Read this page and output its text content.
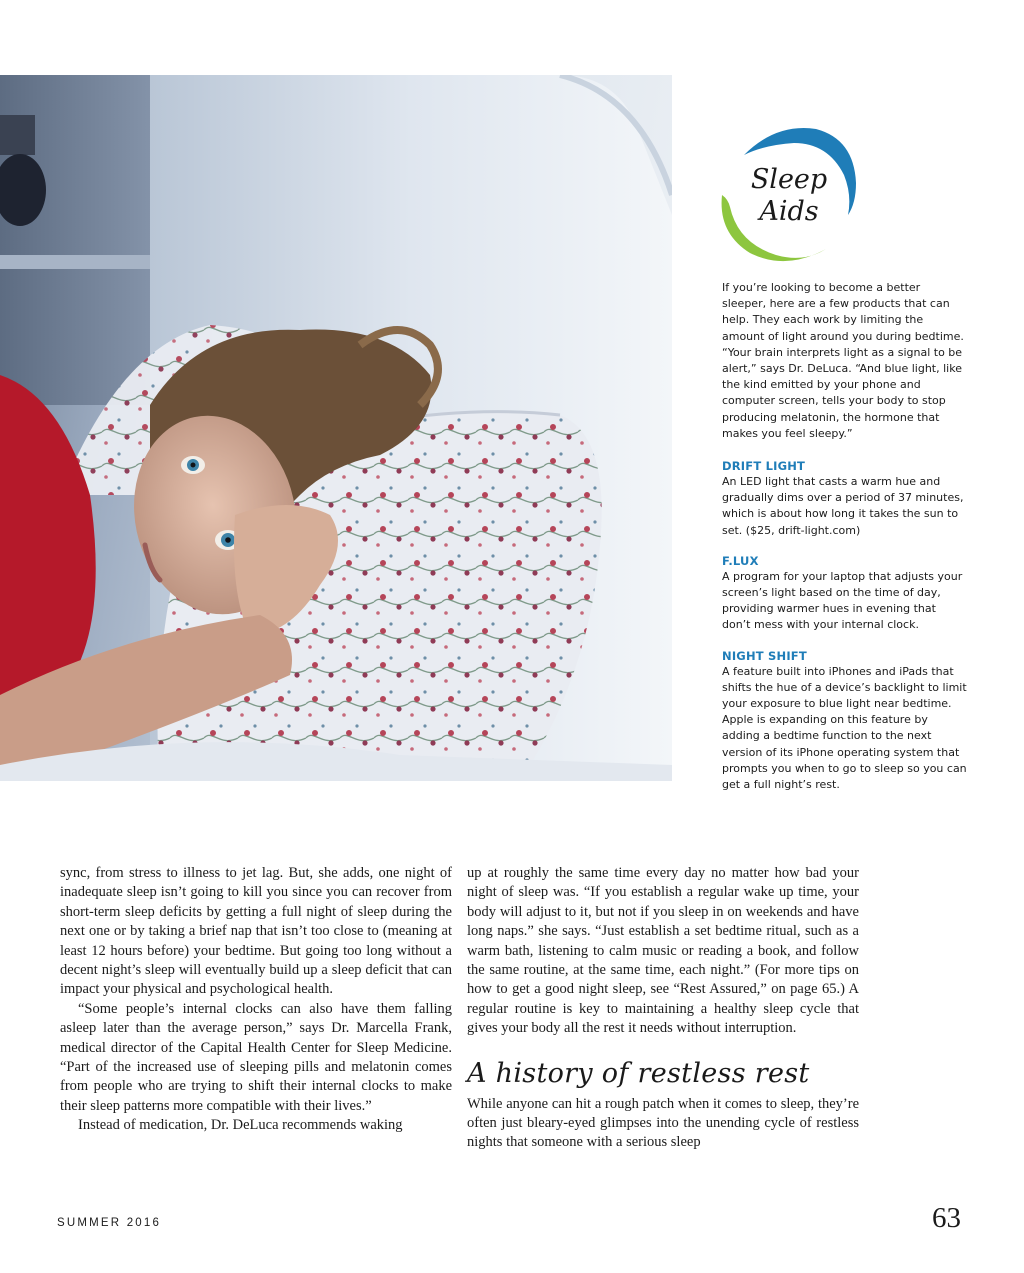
Sleep
Aids

If you’re looking to become a better sleeper, here are a few products that can help. They each work by limiting the amount of light around you during bedtime. “Your brain interprets light as a signal to be alert,” says Dr. DeLuca. “And blue light, like the kind emitted by your phone and computer screen, tells your body to stop producing melatonin, the hormone that makes you feel sleepy.”

DRIFT LIGHT

An LED light that casts a warm hue and gradually dims over a period of 37 minutes, which is about how long it takes the sun to set. ($25, drift-light.com)

F.LUX

A program for your laptop that adjusts your screen’s light based on the time of day, providing warmer hues in evening that don’t mess with your internal clock.

NIGHT SHIFT

A feature built into iPhones and iPads that shifts the hue of a device’s backlight to limit your exposure to blue light near bedtime. Apple is expanding on this feature by adding a bedtime function to the next version of its iPhone operating system that prompts you when to go to sleep so you can get a full night’s rest.

sync, from stress to illness to jet lag. But, she adds, one night of inadequate sleep isn’t going to kill you since you can recover from short-term sleep deficits by getting a full night of sleep during the next one or by taking a brief nap that isn’t too close to (meaning at least 12 hours before) your bedtime. But going too long without a decent night’s sleep will eventually build up a sleep deficit that can impact your physical and psychological health.

“Some people’s internal clocks can also have them falling asleep later than the average person,” says Dr. Marcella Frank, medical director of the Capital Health Center for Sleep Medicine. “Part of the increased use of sleeping pills and melatonin comes from people who are trying to shift their internal clocks to make their sleep patterns more compatible with their lives.”

Instead of medication, Dr. DeLuca recommends waking

up at roughly the same time every day no matter how bad your night of sleep was. “If you establish a regular wake up time, your body will adjust to it, but not if you sleep in on weekends and have long naps.” she says. “Just establish a set bedtime ritual, such as a warm bath, listening to calm music or reading a book, and follow the same routine, at the same time, each night.” (For more tips on how to get a good night sleep, see “Rest Assured,” on page 65.) A regular routine is key to maintaining a healthy sleep cycle that gives your body all the rest it needs without interruption.

A history of restless rest

While anyone can hit a rough patch when it comes to sleep, they’re often just bleary-eyed glimpses into the unending cycle of restless nights that someone with a serious sleep

SUMMER 2016	63
